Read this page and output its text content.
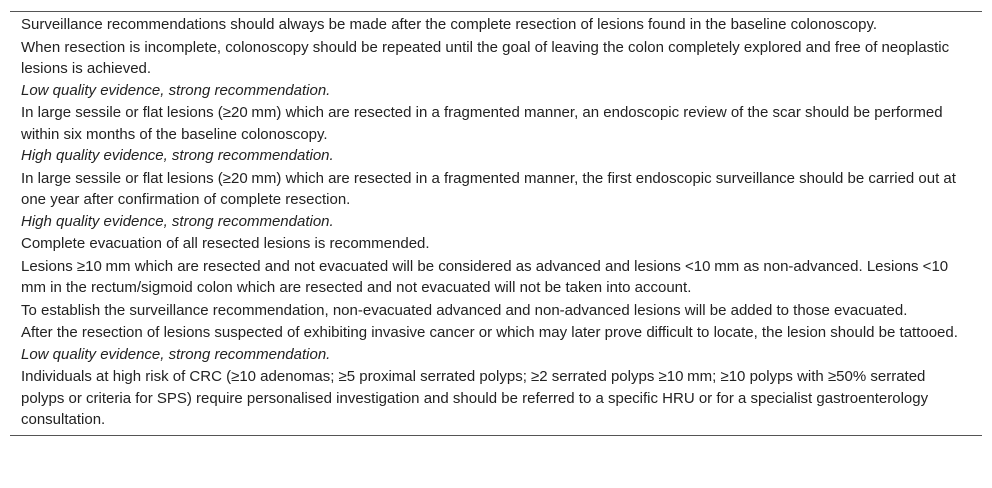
Surveillance recommendations should always be made after the complete resection of lesions found in the baseline colonoscopy.
When resection is incomplete, colonoscopy should be repeated until the goal of leaving the colon completely explored and free of neoplastic lesions is achieved.
Low quality evidence, strong recommendation.
In large sessile or flat lesions (≥20 mm) which are resected in a fragmented manner, an endoscopic review of the scar should be performed within six months of the baseline colonoscopy.
High quality evidence, strong recommendation.
In large sessile or flat lesions (≥20 mm) which are resected in a fragmented manner, the first endoscopic surveillance should be carried out at one year after confirmation of complete resection.
High quality evidence, strong recommendation.
Complete evacuation of all resected lesions is recommended.
Lesions ≥10 mm which are resected and not evacuated will be considered as advanced and lesions <10 mm as non-advanced. Lesions <10 mm in the rectum/sigmoid colon which are resected and not evacuated will not be taken into account.
To establish the surveillance recommendation, non-evacuated advanced and non-advanced lesions will be added to those evacuated.
After the resection of lesions suspected of exhibiting invasive cancer or which may later prove difficult to locate, the lesion should be tattooed.
Low quality evidence, strong recommendation.
Individuals at high risk of CRC (≥10 adenomas; ≥5 proximal serrated polyps; ≥2 serrated polyps ≥10 mm; ≥10 polyps with ≥50% serrated polyps or criteria for SPS) require personalised investigation and should be referred to a specific HRU or for a specialist gastroenterology consultation.
